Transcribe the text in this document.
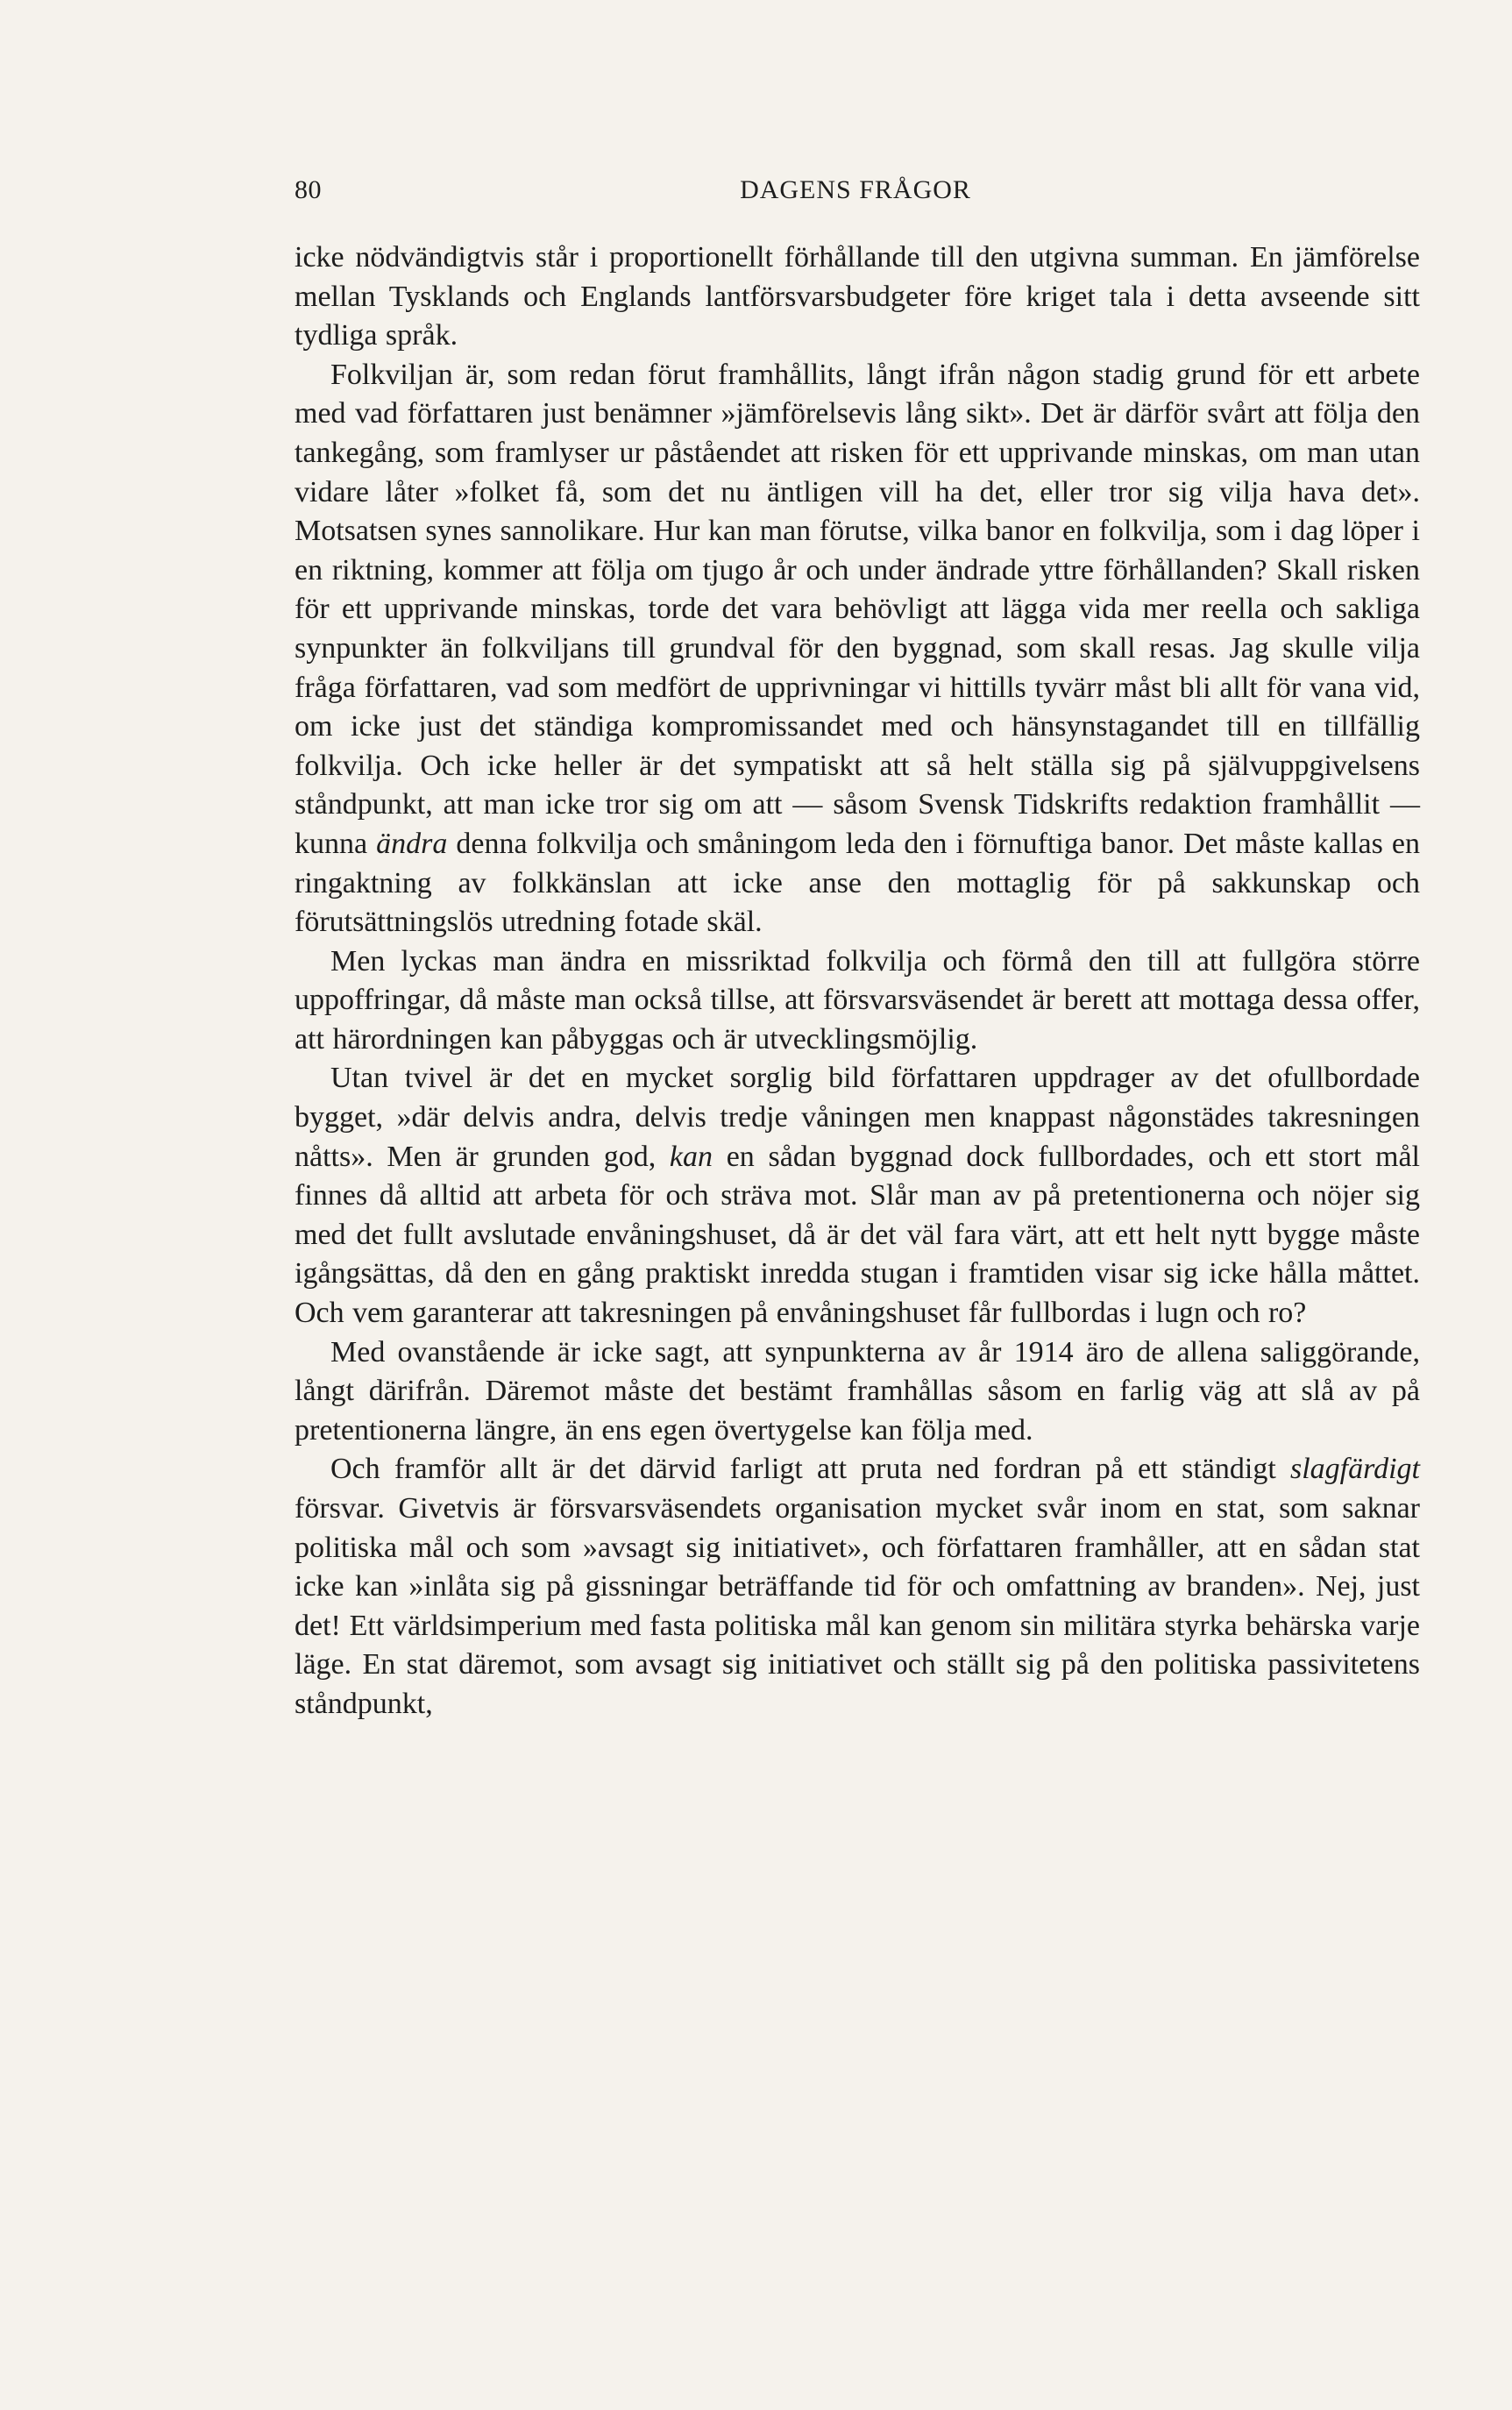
80	DAGENS FRÅGOR

icke nödvändigtvis står i proportionellt förhållande till den utgivna summan. En jämförelse mellan Tysklands och Englands lantförsvarsbudgeter före kriget tala i detta avseende sitt tydliga språk.

Folkviljan är, som redan förut framhållits, långt ifrån någon stadig grund för ett arbete med vad författaren just benämner »jämförelsevis lång sikt». Det är därför svårt att följa den tankegång, som framlyser ur påståendet att risken för ett upprivande minskas, om man utan vidare låter »folket få, som det nu äntligen vill ha det, eller tror sig vilja hava det». Motsatsen synes sannolikare. Hur kan man förutse, vilka banor en folkvilja, som i dag löper i en riktning, kommer att följa om tjugo år och under ändrade yttre förhållanden? Skall risken för ett upprivande minskas, torde det vara behövligt att lägga vida mer reella och sakliga synpunkter än folkviljans till grundval för den byggnad, som skall resas. Jag skulle vilja fråga författaren, vad som medfört de upprivningar vi hittills tyvärr måst bli allt för vana vid, om icke just det ständiga kompromissandet med och hänsynstagandet till en tillfällig folkvilja. Och icke heller är det sympatiskt att så helt ställa sig på självuppgivelsens ståndpunkt, att man icke tror sig om att — såsom Svensk Tidskrifts redaktion framhållit — kunna ändra denna folkvilja och småningom leda den i förnuftiga banor. Det måste kallas en ringaktning av folkkänslan att icke anse den mottaglig för på sakkunskap och förutsättningslös utredning fotade skäl.

Men lyckas man ändra en missriktad folkvilja och förmå den till att fullgöra större uppoffringar, då måste man också tillse, att försvarsväsendet är berett att mottaga dessa offer, att härordningen kan påbyggas och är utvecklingsmöjlig.

Utan tvivel är det en mycket sorglig bild författaren uppdrager av det ofullbordade bygget, »där delvis andra, delvis tredje våningen men knappast någonstädes takresningen nåtts». Men är grunden god, kan en sådan byggnad dock fullbordades, och ett stort mål finnes då alltid att arbeta för och sträva mot. Slår man av på pretentionerna och nöjer sig med det fullt avslutade envåningshuset, då är det väl fara värt, att ett helt nytt bygge måste igångsättas, då den en gång praktiskt inredda stugan i framtiden visar sig icke hålla måttet. Och vem garanterar att takresningen på envåningshuset får fullbordas i lugn och ro?

Med ovanstående är icke sagt, att synpunkterna av år 1914 äro de allena saliggörande, långt därifrån. Däremot måste det bestämt framhållas såsom en farlig väg att slå av på pretentionerna längre, än ens egen övertygelse kan följa med.

Och framför allt är det därvid farligt att pruta ned fordran på ett ständigt slagfärdigt försvar. Givetvis är försvarsväsendets organisation mycket svår inom en stat, som saknar politiska mål och som »avsagt sig initiativet», och författaren framhåller, att en sådan stat icke kan »inlåta sig på gissningar beträffande tid för och omfattning av branden». Nej, just det! Ett världsimperium med fasta politiska mål kan genom sin militära styrka behärska varje läge. En stat däremot, som avsagt sig initiativet och ställt sig på den politiska passivitetens ståndpunkt,
